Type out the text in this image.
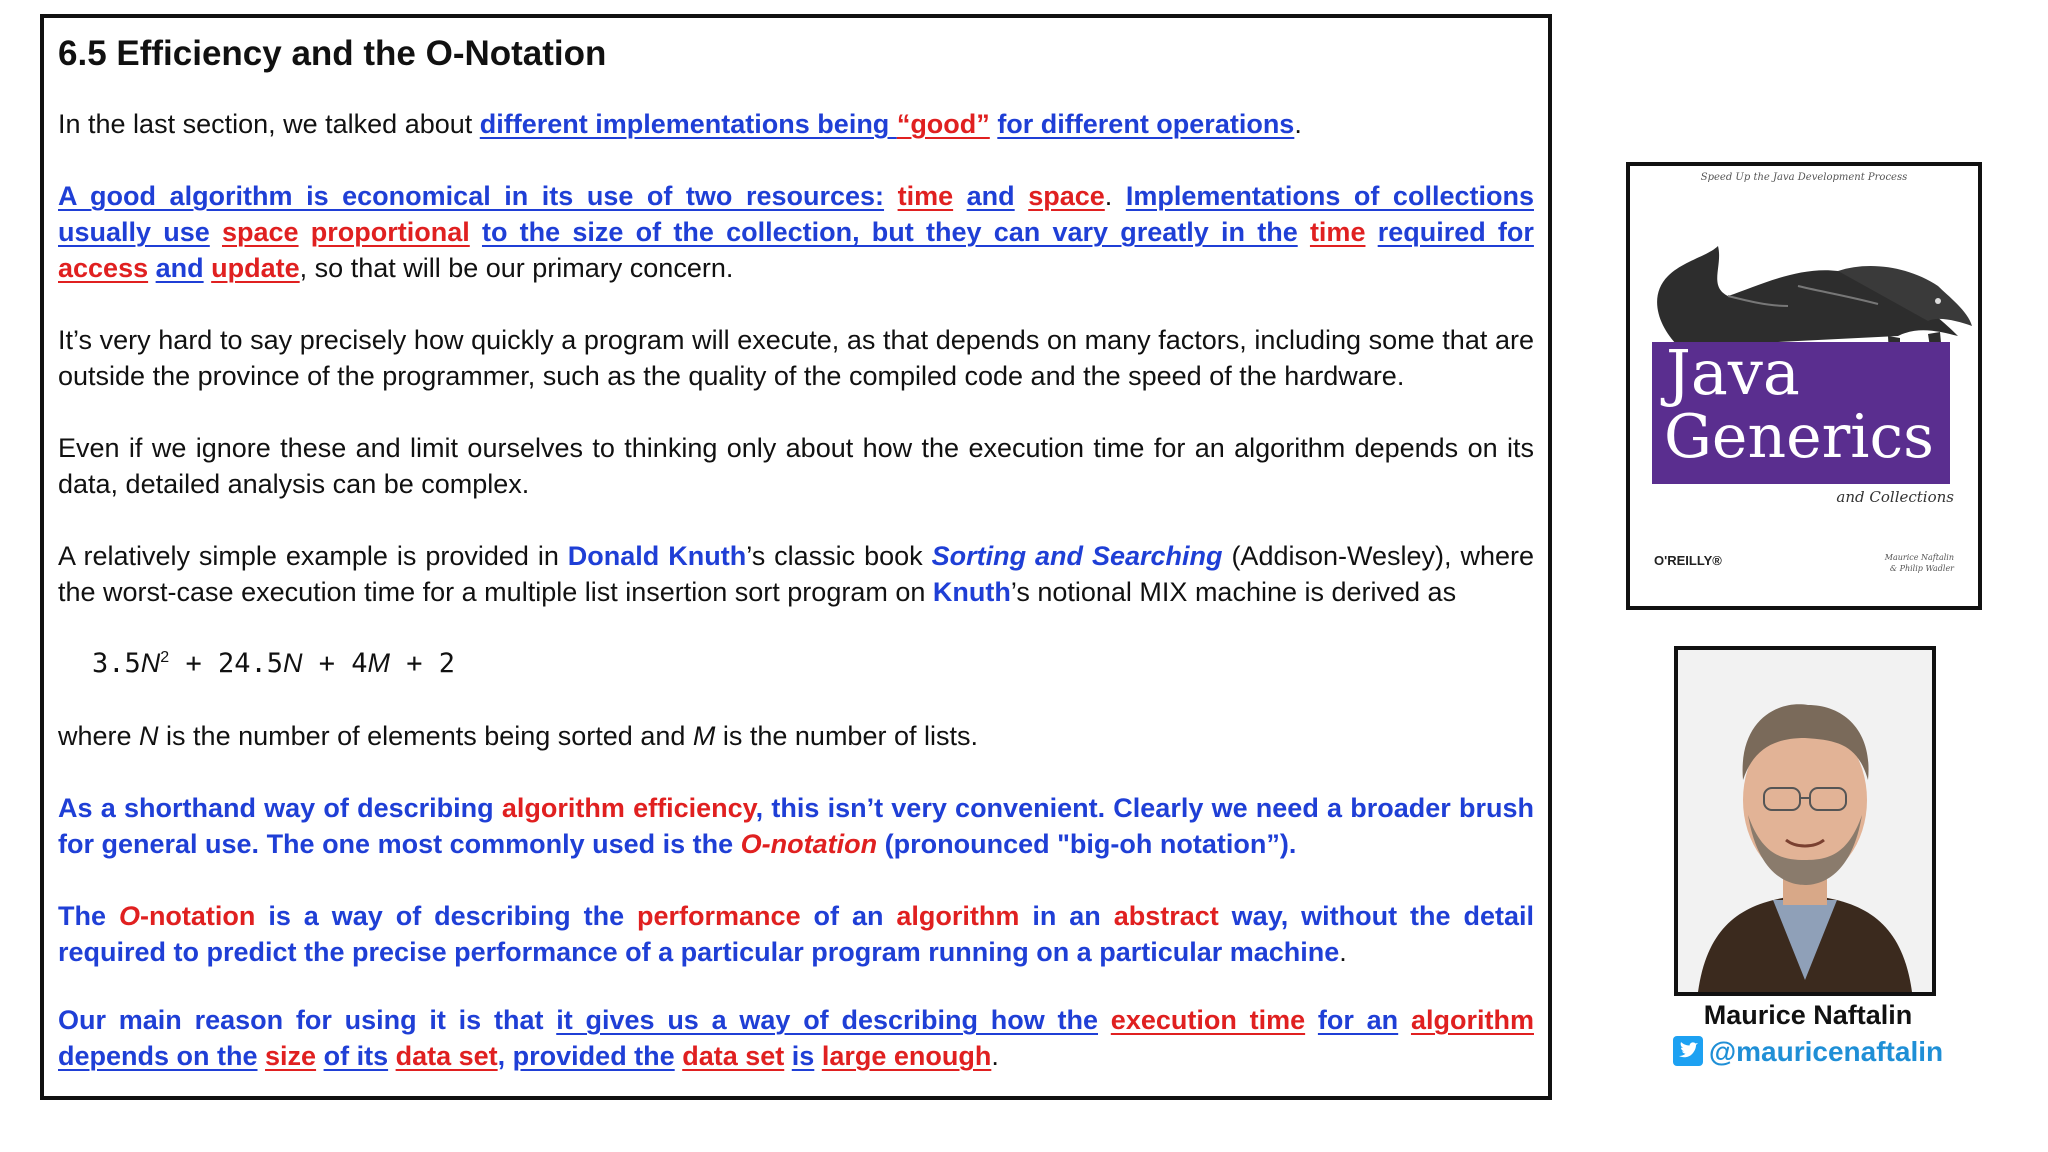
6.5 Efficiency and the O-Notation

In the last section, we talked about different implementations being “good” for different operations.

A good algorithm is economical in its use of two resources: time and space. Implementations of collections usually use space proportional to the size of the collection, but they can vary greatly in the time required for access and update, so that will be our primary concern.

It’s very hard to say precisely how quickly a program will execute, as that depends on many factors, including some that are outside the province of the programmer, such as the quality of the compiled code and the speed of the hardware.

Even if we ignore these and limit ourselves to thinking only about how the execution time for an algorithm depends on its data, detailed analysis can be complex.

A relatively simple example is provided in Donald Knuth’s classic book Sorting and Searching (Addison-Wesley), where the worst-case execution time for a multiple list insertion sort program on Knuth’s notional MIX machine is derived as

$3.5N^2 + 24.5N + 4M + 2$

where N is the number of elements being sorted and M is the number of lists.

As a shorthand way of describing algorithm efficiency, this isn’t very convenient. Clearly we need a broader brush for general use. The one most commonly used is the O-notation (pronounced "big-oh notation”).

The O-notation is a way of describing the performance of an algorithm in an abstract way, without the detail required to predict the precise performance of a particular program running on a particular machine.

Our main reason for using it is that it gives us a way of describing how the execution time for an algorithm depends on the size of its data set, provided the data set is large enough.

Speed Up the Java Development Process
Java
Generics
and Collections
O'REILLY®	Maurice Naftalin
& Philip Wadler
Maurice Naftalin
@mauricenaftalin
